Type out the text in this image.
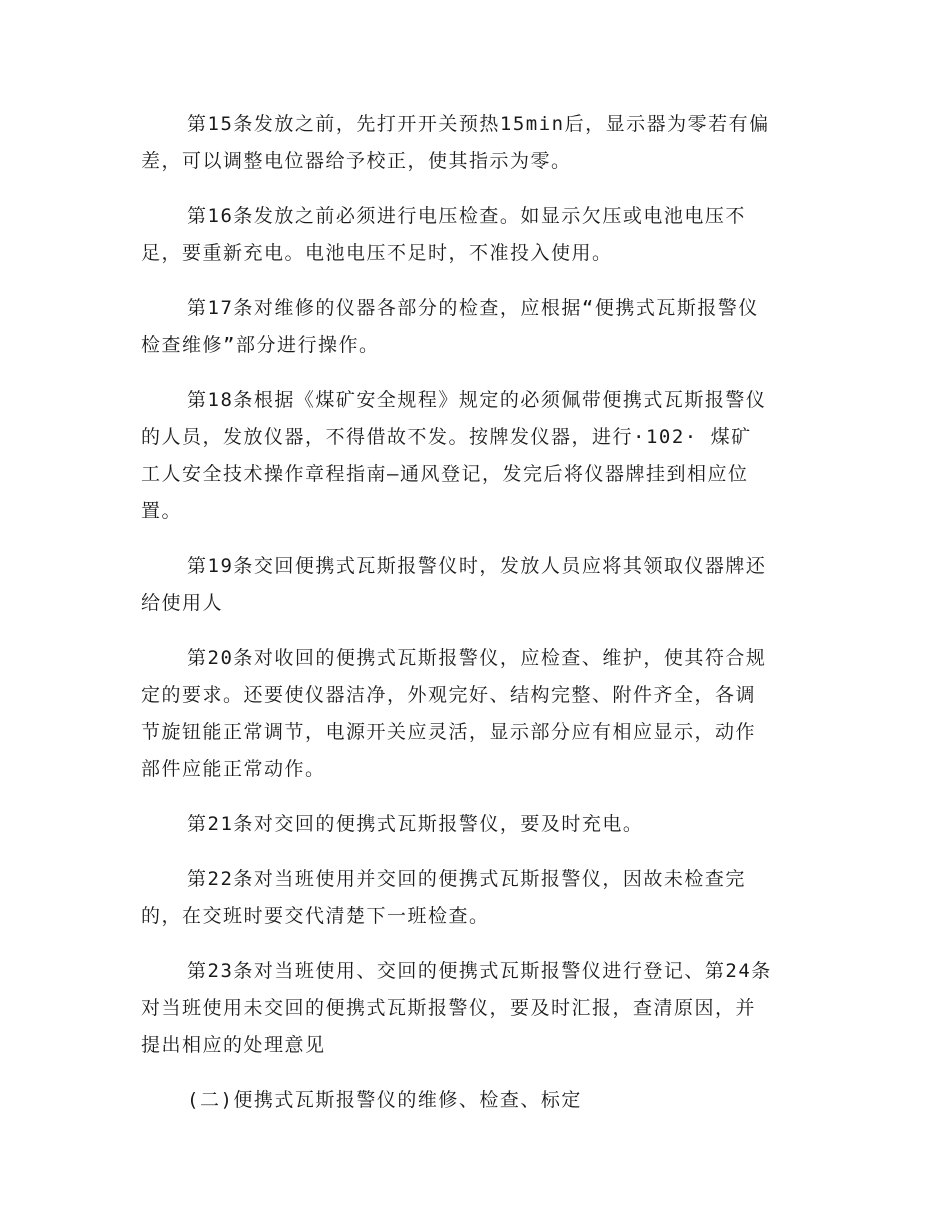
第15条发放之前，先打开开关预热15min后，显示器为零若有偏
差，可以调整电位器给予校正，使其指示为零。

第16条发放之前必须进行电压检查。如显示欠压或电池电压不
足，要重新充电。电池电压不足时，不准投入使用。

第17条对维修的仪器各部分的检查，应根据“便携式瓦斯报警仪
检查维修”部分进行操作。

第18条根据《煤矿安全规程》规定的必须佩带便携式瓦斯报警仪
的人员，发放仪器，不得借故不发。按牌发仪器，进行·102· 煤矿
工人安全技术操作章程指南—通风登记，发完后将仪器牌挂到相应位
置。

第19条交回便携式瓦斯报警仪时，发放人员应将其领取仪器牌还
给使用人

第20条对收回的便携式瓦斯报警仪，应检查、维护，使其符合规
定的要求。还要使仪器洁净，外观完好、结构完整、附件齐全，各调
节旋钮能正常调节，电源开关应灵活，显示部分应有相应显示，动作
部件应能正常动作。

第21条对交回的便携式瓦斯报警仪，要及时充电。

第22条对当班使用并交回的便携式瓦斯报警仪，因故未检查完
的，在交班时要交代清楚下一班检查。

第23条对当班使用、交回的便携式瓦斯报警仪进行登记、第24条
对当班使用未交回的便携式瓦斯报警仪，要及时汇报，查清原因，并
提出相应的处理意见

(二)便携式瓦斯报警仪的维修、检查、标定
